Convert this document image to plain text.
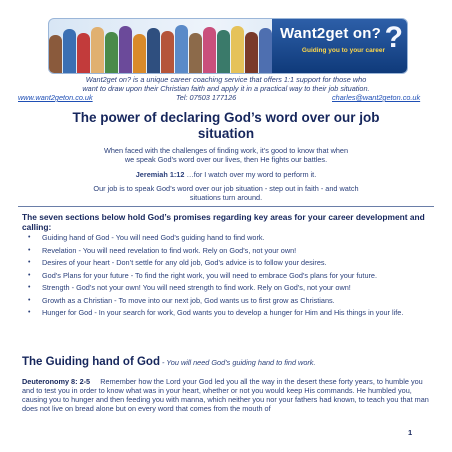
?
Want2get on?
Guiding you to your career
Want2get on? is a unique career coaching service that offers 1:1 support for those who
want to draw upon their Christian faith and apply it in a practical way to their job situation.
www.want2geton.co.uk	Tel: 07503 177126	charles@want2geton.co.uk
The power of declaring God’s word over our job
situation

When faced with the challenges of finding work, it’s good to know that when

we speak God’s word over our lives, then He fights our battles.

Jeremiah 1:12 …for I watch over my word to perform it.

Our job is to speak God’s word over our job situation - step out in faith - and watch

situations turn around.

The seven sections below hold God’s promises regarding key areas for your career development and calling:

• Guiding hand of God - You will need God’s guiding hand to find work.
• Revelation - You will need revelation to find work. Rely on God’s, not your own!
• Desires of your heart - Don’t settle for any old job, God’s advice is to follow your desires.
• God’s Plans for your future - To find the right work, you will need to embrace God’s plans for your future.
• Strength - God’s not your own! You will need strength to find work. Rely on God’s, not your own!
• Growth as a Christian - To move into our next job, God wants us to first grow as Christians.
• Hunger for God - In your search for work, God wants you to develop a hunger for Him and His things in your life.

The Guiding hand of God - You will need God’s guiding hand to find work.

Deuteronomy 8: 2-5     Remember how the Lord your God led you all the way in the desert these forty years, to humble you and to test you in order to know what was in your heart, whether or not you would keep His commands. He humbled you, causing you to hunger and then feeding you with manna, which neither you nor your fathers had known, to teach you that man does not live on bread alone but on every word that comes from the mouth of

1
